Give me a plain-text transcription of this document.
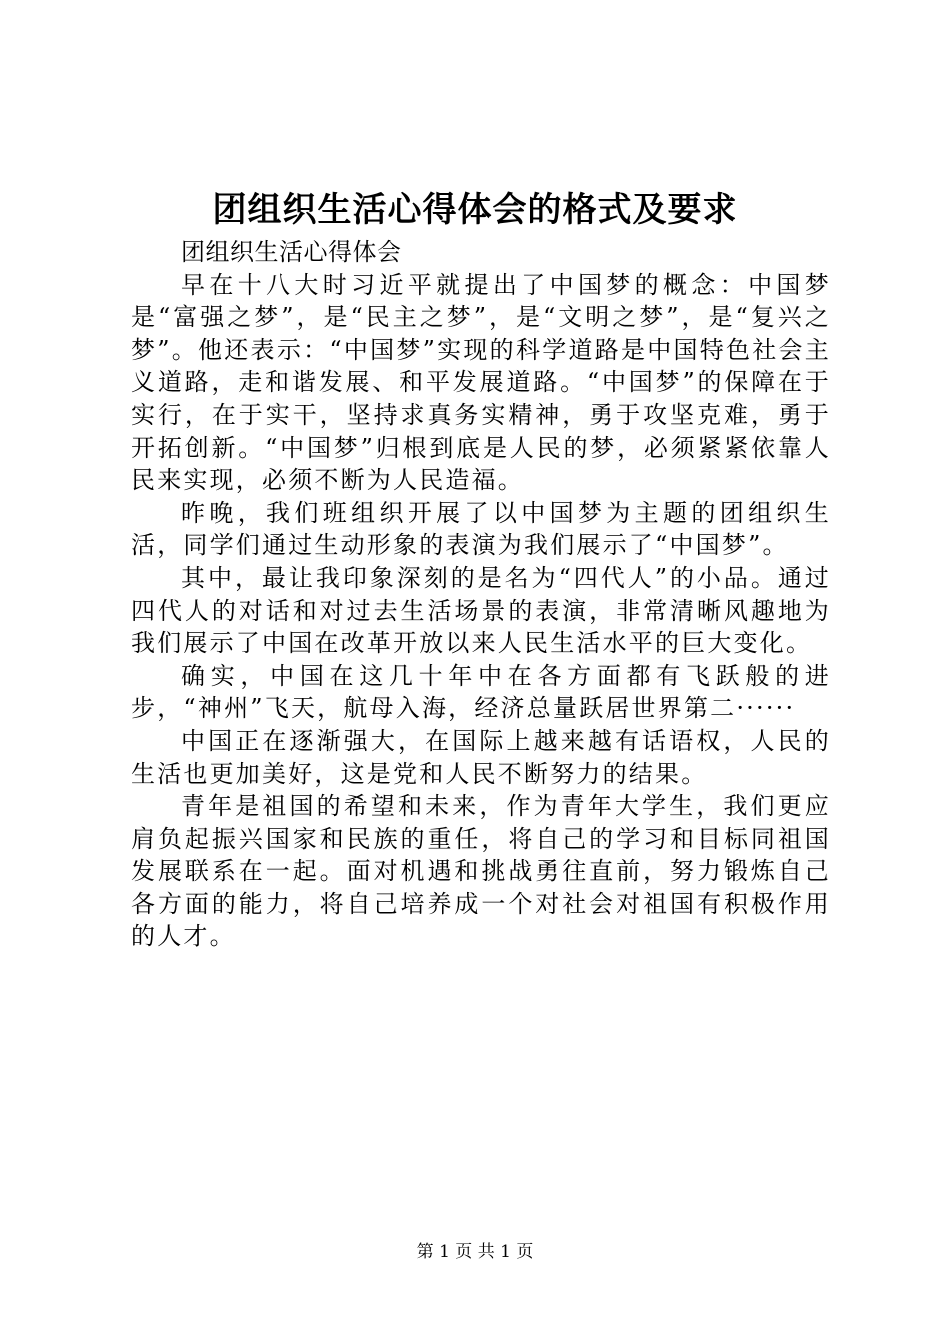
团组织生活心得体会的格式及要求

团组织生活心得体会

早在十八大时习近平就提出了中国梦的概念：中国梦是“富强之梦”，是“民主之梦”，是“文明之梦”，是“复兴之梦”。他还表示：“中国梦”实现的科学道路是中国特色社会主义道路，走和谐发展、和平发展道路。“中国梦”的保障在于实行，在于实干，坚持求真务实精神，勇于攻坚克难，勇于开拓创新。“中国梦”归根到底是人民的梦，必须紧紧依靠人民来实现，必须不断为人民造福。

昨晚，我们班组织开展了以中国梦为主题的团组织生活，同学们通过生动形象的表演为我们展示了“中国梦”。

其中，最让我印象深刻的是名为“四代人”的小品。通过四代人的对话和对过去生活场景的表演，非常清晰风趣地为我们展示了中国在改革开放以来人民生活水平的巨大变化。

确实，中国在这几十年中在各方面都有飞跃般的进步，“神州”飞天，航母入海，经济总量跃居世界第二······

中国正在逐渐强大，在国际上越来越有话语权，人民的生活也更加美好，这是党和人民不断努力的结果。

青年是祖国的希望和未来，作为青年大学生，我们更应肩负起振兴国家和民族的重任，将自己的学习和目标同祖国发展联系在一起。面对机遇和挑战勇往直前，努力锻炼自己各方面的能力，将自己培养成一个对社会对祖国有积极作用的人才。

第 1 页 共 1 页
